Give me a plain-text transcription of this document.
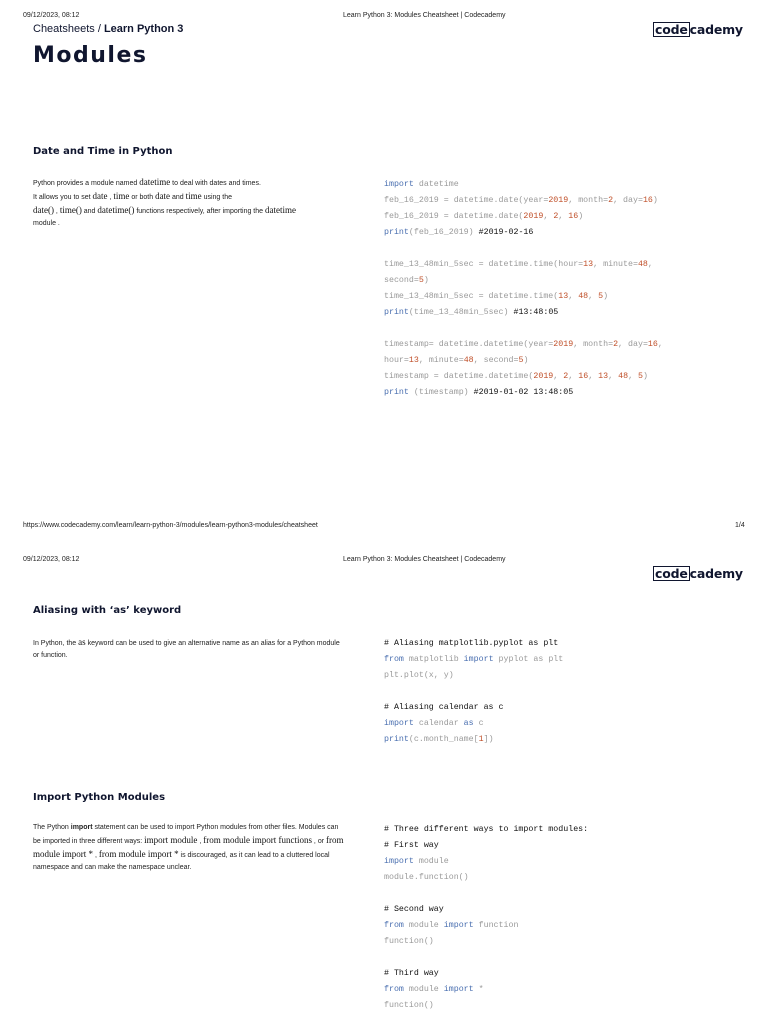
09/12/2023, 08:12	Learn Python 3: Modules Cheatsheet | Codecademy
Cheatsheets / Learn Python 3	code cademy
Modules
Date and Time in Python
Python provides a module named datetime to deal with dates and times.
It allows you to set date , time or both date and time using the
date() , time() and datetime() functions respectively, after importing the datetime
module .
import datetime
feb_16_2019 = datetime.date(year=2019, month=2, day=16)
feb_16_2019 = datetime.date(2019, 2, 16)
print(feb_16_2019) #2019-02-16
time_13_48min_5sec = datetime.time(hour=13, minute=48,
second=5)
time_13_48min_5sec = datetime.time(13, 48, 5)
print(time_13_48min_5sec) #13:48:05
timestamp= datetime.datetime(year=2019, month=2, day=16,
hour=13, minute=48, second=5)
timestamp = datetime.datetime(2019, 2, 16, 13, 48, 5)
print (timestamp) #2019-01-02 13:48:05
https://www.codecademy.com/learn/learn-python-3/modules/learn-python3-modules/cheatsheet	1/4
09/12/2023, 08:12	Learn Python 3: Modules Cheatsheet | Codecademy
code cademy
Aliasing with ‘as’ keyword
In Python, the as keyword can be used to give an alternative name as an alias for a Python module or function.
# Aliasing matplotlib.pyplot as plt
from matplotlib import pyplot as plt
plt.plot(x, y)
# Aliasing calendar as c
import calendar as c
print(c.month_name[1])
Import Python Modules
The Python import statement can be used to import Python modules from other files. Modules can be imported in three different ways: import module , from module import functions , or from module import * , from module import * is discouraged, as it can lead to a cluttered local namespace and can make the namespace unclear.
# Three different ways to import modules:
# First way
import module
module.function()
# Second way
from module import function
function()
# Third way
from module import *
function()
